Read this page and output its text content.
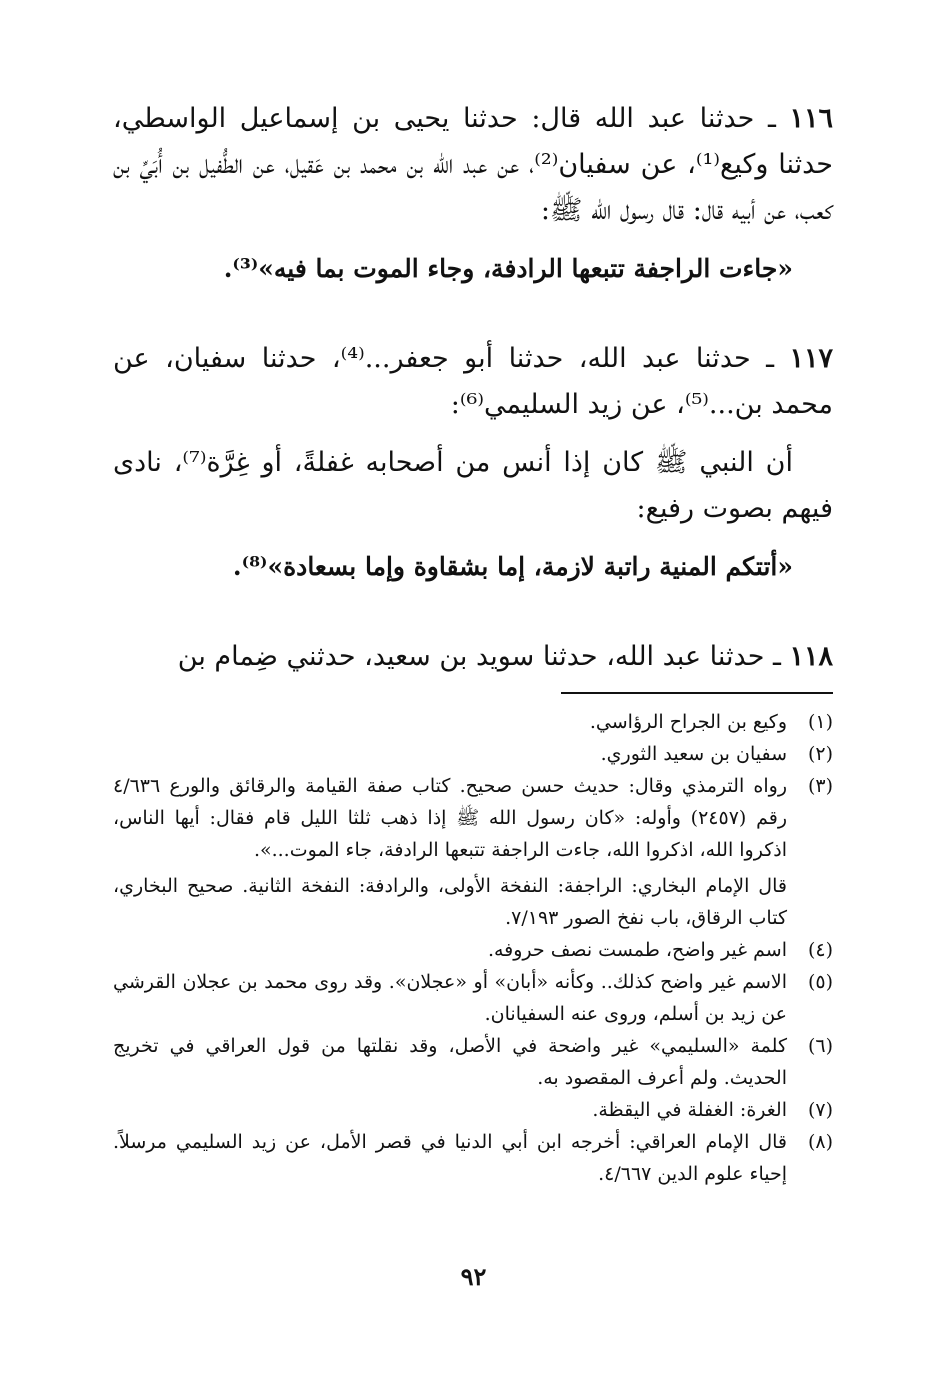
١١٦ ـ حدثنا عبد الله قال: حدثنا يحيى بن إسماعيل الواسطي، حدثنا وكيع⁽¹⁾، عن سفيان⁽²⁾، عن عبد الله بن محمد بن عَقيل، عن الطُّفيل بن أُبَيِّ بن كعب، عن أبيه قال: قال رسول الله ﷺ:

«جاءت الراجفة تتبعها الرادفة، وجاء الموت بما فيه»⁽³⁾.

١١٧ ـ حدثنا عبد الله، حدثنا أبو جعفر...⁽⁴⁾، حدثنا سفيان، عن محمد بن...⁽⁵⁾، عن زيد السليمي⁽⁶⁾:

أن النبي ﷺ كان إذا أنس من أصحابه غفلةً، أو غِرَّة⁽⁷⁾، نادى فيهم بصوت رفيع:

«أتتكم المنية راتبة لازمة، إما بشقاوة وإما بسعادة»⁽⁸⁾.

١١٨ ـ حدثنا عبد الله، حدثنا سويد بن سعيد، حدثني ضِمام بن

(١)

وكيع بن الجراح الرؤاسي.

(٢)

سفيان بن سعيد الثوري.

(٣)

رواه الترمذي وقال: حديث حسن صحيح. كتاب صفة القيامة والرقائق والورع ٤/٦٣٦ رقم (٢٤٥٧) وأوله: «كان رسول الله ﷺ إذا ذهب ثلثا الليل قام فقال: أيها الناس، اذكروا الله، اذكروا الله، جاءت الراجفة تتبعها الرادفة، جاء الموت...».

قال الإمام البخاري: الراجفة: النفخة الأولى، والرادفة: النفخة الثانية. صحيح البخاري، كتاب الرقاق، باب نفخ الصور ٧/١٩٣.

(٤)

اسم غير واضح، طمست نصف حروفه.

(٥)

الاسم غير واضح كذلك.. وكأنه «أبان» أو «عجلان». وقد روى محمد بن عجلان القرشي عن زيد بن أسلم، وروى عنه السفيانان.

(٦)

كلمة «السليمي» غير واضحة في الأصل، وقد نقلتها من قول العراقي في تخريج الحديث. ولم أعرف المقصود به.

(٧)

الغرة: الغفلة في اليقظة.

(٨)

قال الإمام العراقي: أخرجه ابن أبي الدنيا في قصر الأمل، عن زيد السليمي مرسلاً. إحياء علوم الدين ٤/٦٦٧.

٩٢
